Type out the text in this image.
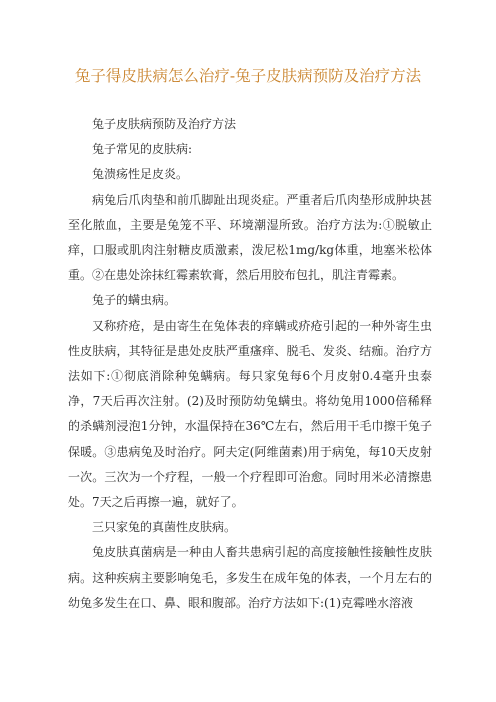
兔子得皮肤病怎么治疗-兔子皮肤病预防及治疗方法

兔子皮肤病预防及治疗方法

兔子常见的皮肤病:

兔溃疡性足皮炎。

病兔后爪肉垫和前爪脚趾出现炎症。严重者后爪肉垫形成肿块甚至化脓血，主要是兔笼不平、环境潮湿所致。治疗方法为:①脱敏止痒，口服或肌肉注射糖皮质激素，泼尼松1mg/kg体重，地塞米松体重。②在患处涂抹红霉素软膏，然后用胶布包扎，肌注青霉素。

兔子的螨虫病。

又称疥疮，是由寄生在兔体表的痒螨或疥疮引起的一种外寄生虫性皮肤病，其特征是患处皮肤严重瘙痒、脱毛、发炎、结痂。治疗方法如下:①彻底消除种兔螨病。每只家兔每6个月皮射0.4毫升虫泰净，7天后再次注射。(2)及时预防幼兔螨虫。将幼兔用1000倍稀释的杀螨剂浸泡1分钟，水温保持在36℃左右，然后用干毛巾擦干兔子保暖。③患病兔及时治疗。阿夫定(阿维菌素)用于病兔，每10天皮射一次。三次为一个疗程，一般一个疗程即可治愈。同时用米必清擦患处。7天之后再擦一遍，就好了。

三只家兔的真菌性皮肤病。

兔皮肤真菌病是一种由人畜共患病引起的高度接触性接触性皮肤病。这种疾病主要影响兔毛，多发生在成年兔的体表，一个月左右的幼兔多发生在口、鼻、眼和腹部。治疗方法如下:(1)克霉唑水溶液
